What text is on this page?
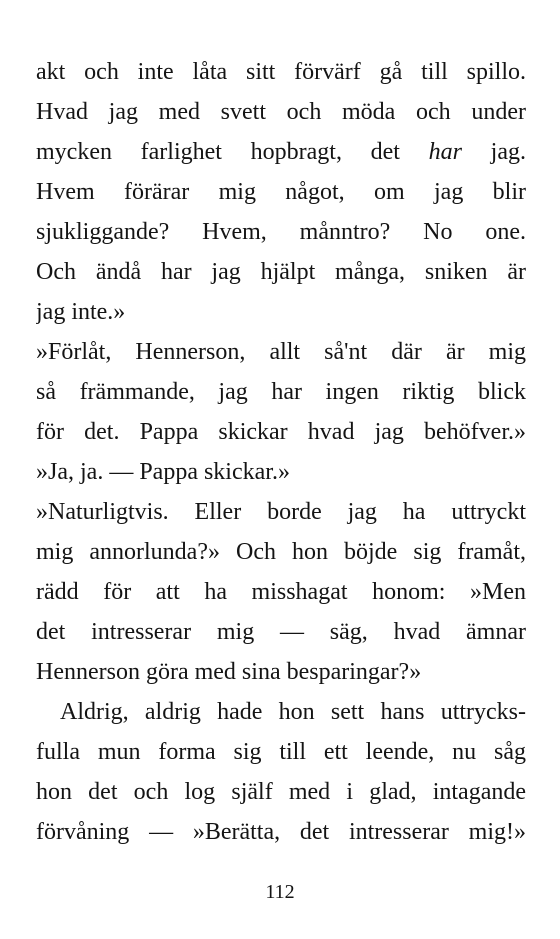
akt och inte låta sitt förvärf gå till spillo.
Hvad jag med svett och möda och under
mycken farlighet hopbragt, det har jag.
Hvem förärar mig något, om jag blir
sjukliggande? Hvem, månntro? No one.
Och ändå har jag hjälpt många, sniken är
jag inte.»
»Förlåt, Hennerson, allt så'nt där är mig
så främmande, jag har ingen riktig blick
för det. Pappa skickar hvad jag behöfver.»
»Ja, ja. — Pappa skickar.»
»Naturligtvis. Eller borde jag ha uttryckt
mig annorlunda?» Och hon böjde sig framåt,
rädd för att ha misshagat honom: »Men
det intresserar mig — säg, hvad ämnar
Hennerson göra med sina besparingar?»
Aldrig, aldrig hade hon sett hans uttrycks-
fulla mun forma sig till ett leende, nu såg
hon det och log själf med i glad, intagande
förvåning — »Berätta, det intresserar mig!»
112
